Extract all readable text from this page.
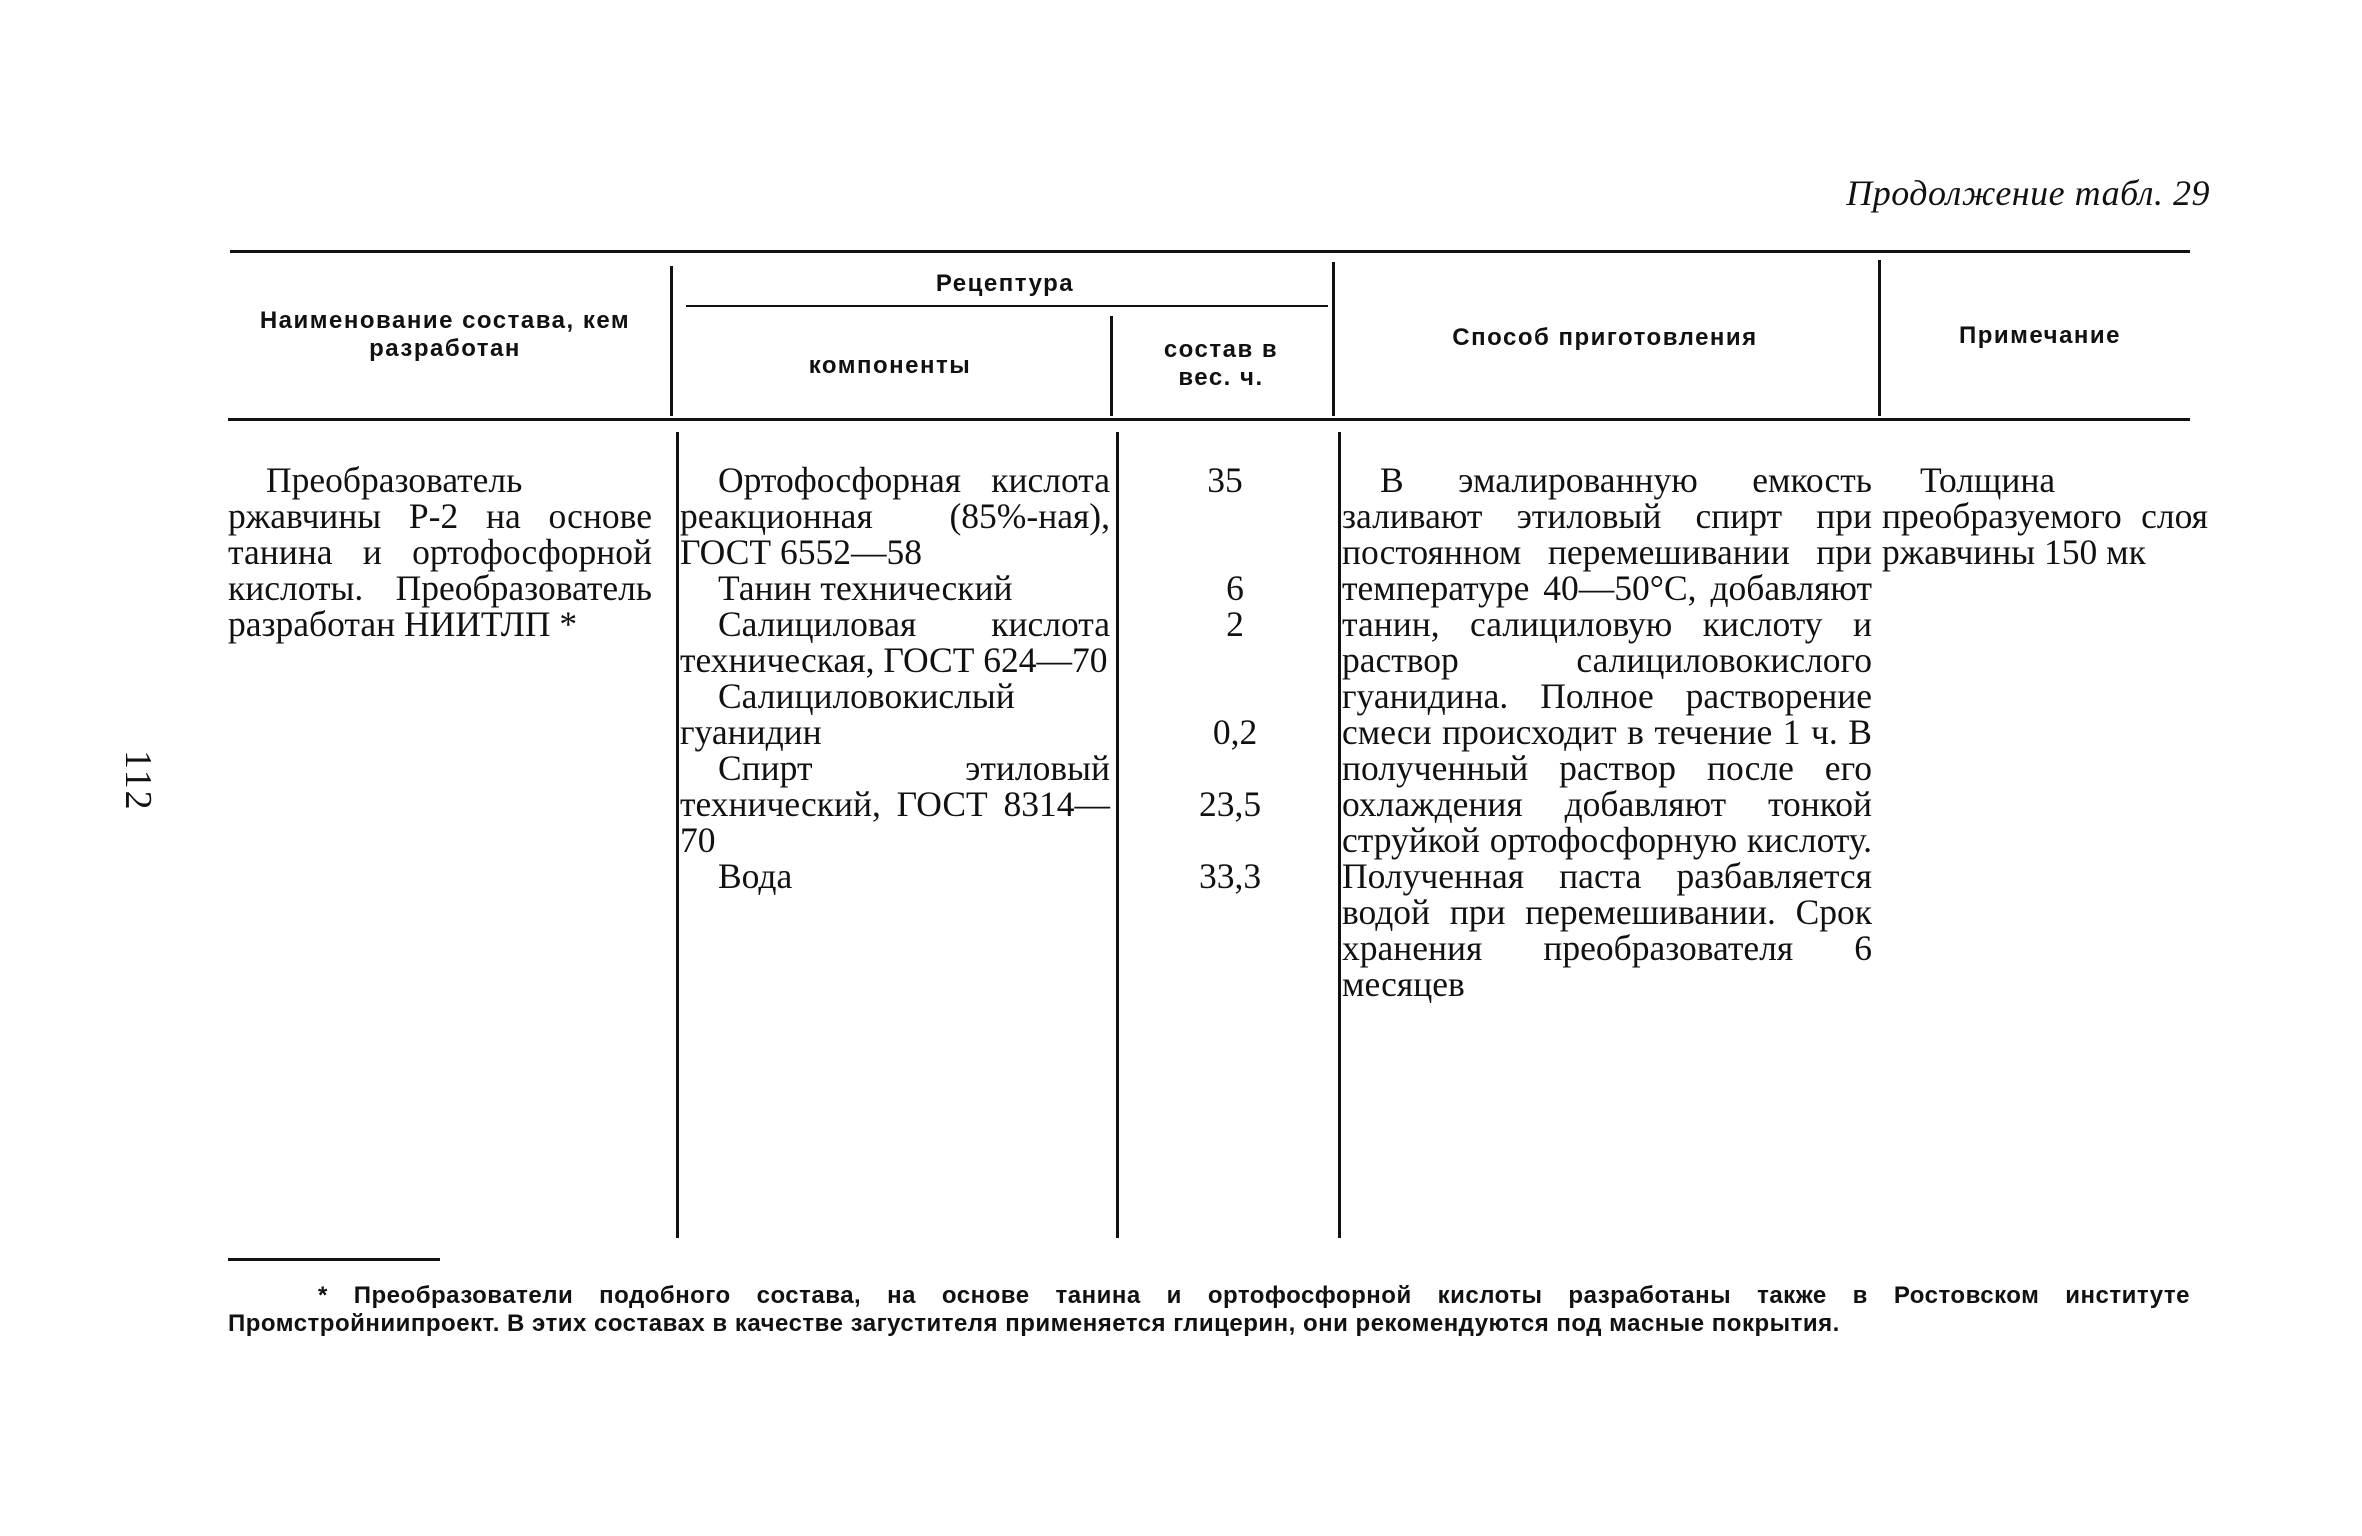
Продолжение табл. 29
112
Наименование состава, кем разработан
Рецептура
компоненты
состав в вес. ч.
Способ приготовления	Примечание
Преобразователь ржавчины Р-2 на основе танина и ортофосфорной кислоты. Преобразователь разработан НИИТЛП *

Ортофосфорная кислота реакционная (85%-ная), ГОСТ 6552—58

Танин технический

Салициловая кислота техническая, ГОСТ 624—70

Салициловокислый гуанидин

Спирт этиловый технический, ГОСТ 8314—70

Вода

35
6
2
0,2
23,5
33,3
В эмалированную емкость заливают этиловый спирт при постоянном перемешивании при температуре 40—50°С, добавляют танин, салициловую кислоту и раствор салициловокислого гуанидина. Полное растворение смеси происходит в течение 1 ч. В полученный раствор после его охлаждения добавляют тонкой струйкой ортофосфорную кислоту. Полученная паста разбавляется водой при перемешивании. Срок хранения преобразователя 6 месяцев
Толщина преобразуемого слоя ржавчины 150 мк
* Преобразователи подобного состава, на основе танина и ортофосфорной кислоты разработаны также в Ростовском институте Промстройниипроект. В этих составах в качестве загустителя применяется глицерин, они рекомендуются под масные покрытия.
